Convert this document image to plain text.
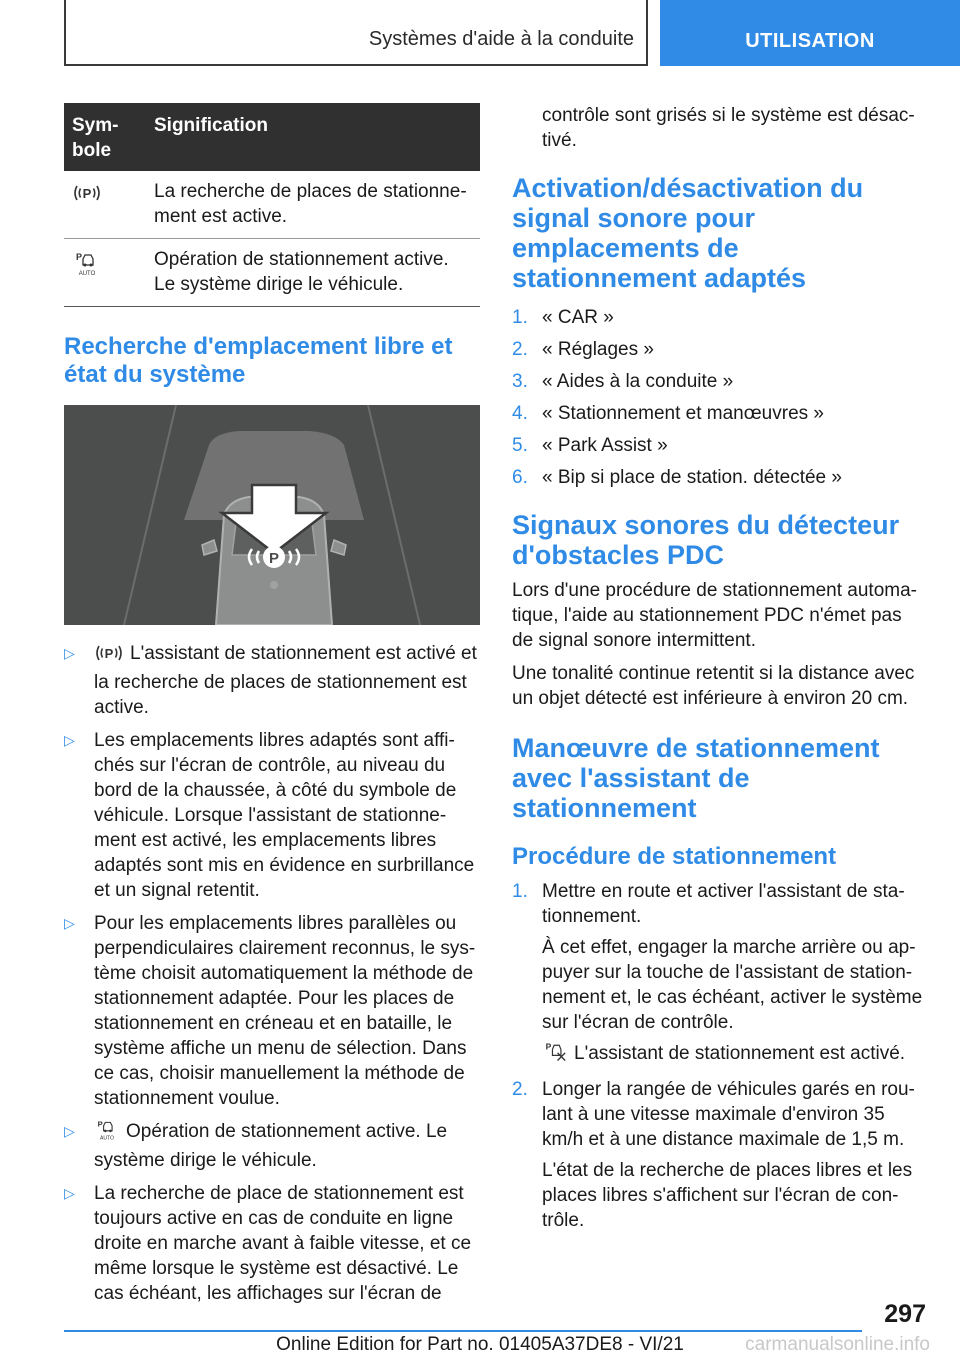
Systèmes d'aide à la conduite	UTILISATION
Sym-
bole	Signification

P	La recherche de places de stationne-ment est active.

P
AUTO	Opération de stationnement active. Le système dirige le véhicule.
Recherche d'emplacement libre et état du système
P
▷ P L'assistant de stationnement est activé et la recherche de places de stationnement est active.
▷ Les emplacements libres adaptés sont affi-chés sur l'écran de contrôle, au niveau du bord de la chaussée, à côté du symbole de véhicule. Lorsque l'assistant de stationne-ment est activé, les emplacements libres adaptés sont mis en évidence en surbrillance et un signal retentit.
▷ Pour les emplacements libres parallèles ou perpendiculaires clairement reconnus, le sys-tème choisit automatiquement la méthode de stationnement adaptée. Pour les places de stationnement en créneau et en bataille, le système affiche un menu de sélection. Dans ce cas, choisir manuellement la méthode de stationnement voulue.
▷	P
AUTO Opération de stationnement active. Le système dirige le véhicule.
▷ La recherche de place de stationnement est toujours active en cas de conduite en ligne droite en marche avant à faible vitesse, et ce même lorsque le système est désactivé. Le cas échéant, les affichages sur l'écran de

contrôle sont grisés si le système est désac-tivé.

Activation/désactivation du signal sonore pour emplacements de stationnement adaptés
1. « CAR »
2. « Réglages »
3. « Aides à la conduite »
4. « Stationnement et manœuvres »
5. « Park Assist »
6. « Bip si place de station. détectée »
Signaux sonores du détecteur d'obstacles PDC

Lors d'une procédure de stationnement automa-tique, l'aide au stationnement PDC n'émet pas de signal sonore intermittent.

Une tonalité continue retentit si la distance avec un objet détecté est inférieure à environ 20 cm.

Manœuvre de stationnement avec l'assistant de stationnement
Procédure de stationnement
1. Mettre en route et activer l'assistant de sta-tionnement.

À cet effet, engager la marche arrière ou ap-puyer sur la touche de l'assistant de station-nement et, le cas échéant, activer le système sur l'écran de contrôle.

P L'assistant de stationnement est activé.

2. Longer la rangée de véhicules garés en rou-lant à une vitesse maximale d'environ 35 km/h et à une distance maximale de 1,5 m.

L'état de la recherche de places libres et les places libres s'affichent sur l'écran de con-trôle.

297
Online Edition for Part no. 01405A37DE8 - VI/21	carmanualsonline.info
